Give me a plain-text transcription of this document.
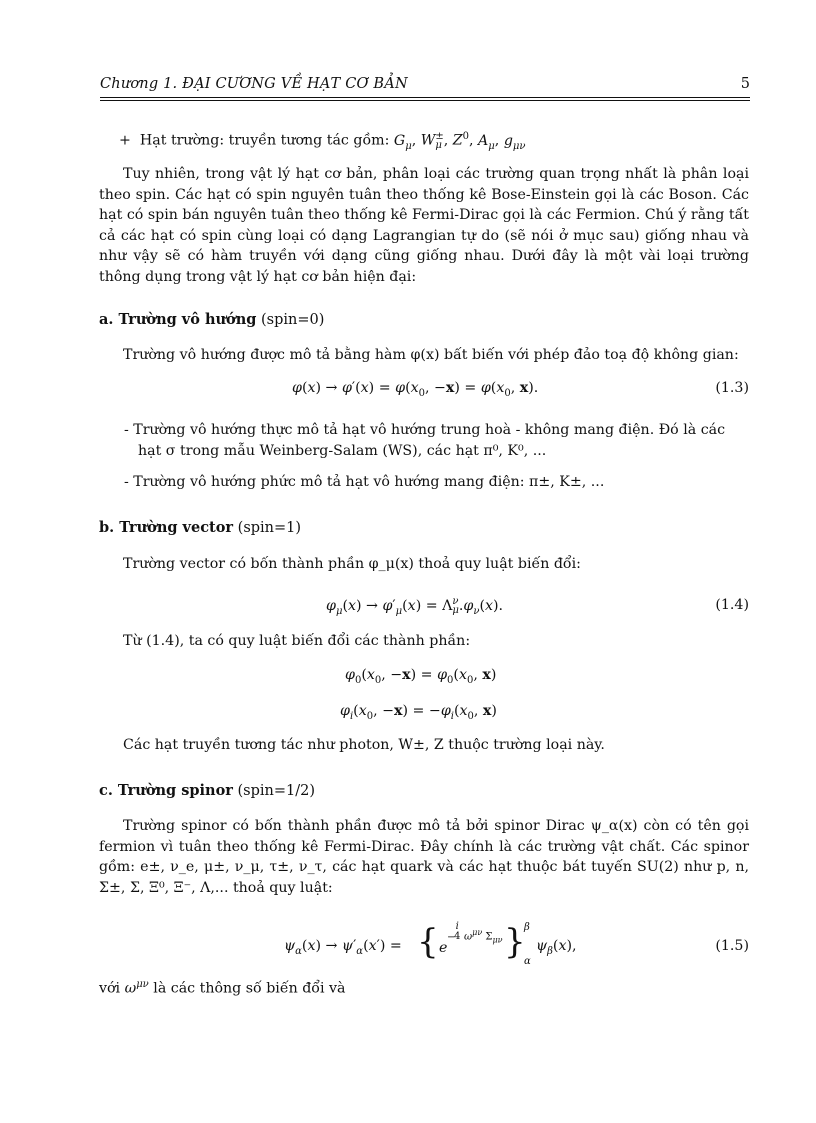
Chương 1. ĐẠI CƯƠNG VỀ HẠT CƠ BẢN	5
+  Hạt trường: truyền tương tác gồm: $G_\mu$, W±
μ , $Z^0$, $A_\mu$, $g_{\mu\nu}$
Tuy nhiên, trong vật lý hạt cơ bản, phân loại các trường quan trọng nhất là phân loại theo spin. Các hạt có spin nguyên tuân theo thống kê Bose-Einstein gọi là các Boson. Các hạt có spin bán nguyên tuân theo thống kê Fermi-Dirac gọi là các Fermion. Chú ý rằng tất cả các hạt có spin cùng loại có dạng Lagrangian tự do (sẽ nói ở mục sau) giống nhau và như vậy sẽ có hàm truyền với dạng cũng giống nhau. Dưới đây là một vài loại trường thông dụng trong vật lý hạt cơ bản hiện đại:
a. Trường vô hướng (spin=0)
Trường vô hướng được mô tả bằng hàm φ(x) bất biến với phép đảo toạ độ không gian:
$\varphi(x) \to \varphi'(x) = \varphi(x_0$, $-x) = \varphi(x_0$, x).	(1.3)
- Trường vô hướng thực mô tả hạt vô hướng trung hoà - không mang điện. Đó là các hạt σ trong mẫu Weinberg-Salam (WS), các hạt π⁰, K⁰, ...
- Trường vô hướng phức mô tả hạt vô hướng mang điện: π±, K±, ...
b. Trường vector (spin=1)
Trường vector có bốn thành phần φ_μ(x) thoả quy luật biến đổi:
$\varphi_\mu(x) \to \varphi'_\mu(x) = \Lambda\nu$
$\mu.\varphi_\nu(x)$.	(1.4)
Từ (1.4), ta có quy luật biến đổi các thành phần:
$\varphi_0(x_0$, $-x) = \varphi_0(x_0$, x)
$\varphi_i(x_0$, $-x) = -\varphi_i(x_0$, x)
Các hạt truyền tương tác như photon, W±, Z thuộc trường loại này.
c. Trường spinor (spin=1/2)
Trường spinor có bốn thành phần được mô tả bởi spinor Dirac ψ_α(x) còn có tên gọi fermion vì tuân theo thống kê Fermi-Dirac. Đây chính là các trường vật chất. Các spinor gồm: e±, ν_e, μ±, ν_μ, τ±, ν_τ, các hạt quark và các hạt thuộc bát tuyến SU(2) như p, n, Σ±, Σ, Ξ⁰, Ξ⁻, Λ,... thoả quy luật:
$\psi_\alpha(x) \to \psi'_\alpha(x')$ = { e
−
i
4 $\omega^{\mu\nu}$ $\Sigma_{\mu\nu}$ }
β
α
$\psi_\beta(x)$,	(1.5)
với $\omega^{\mu\nu}$ là các thông số biến đổi và
